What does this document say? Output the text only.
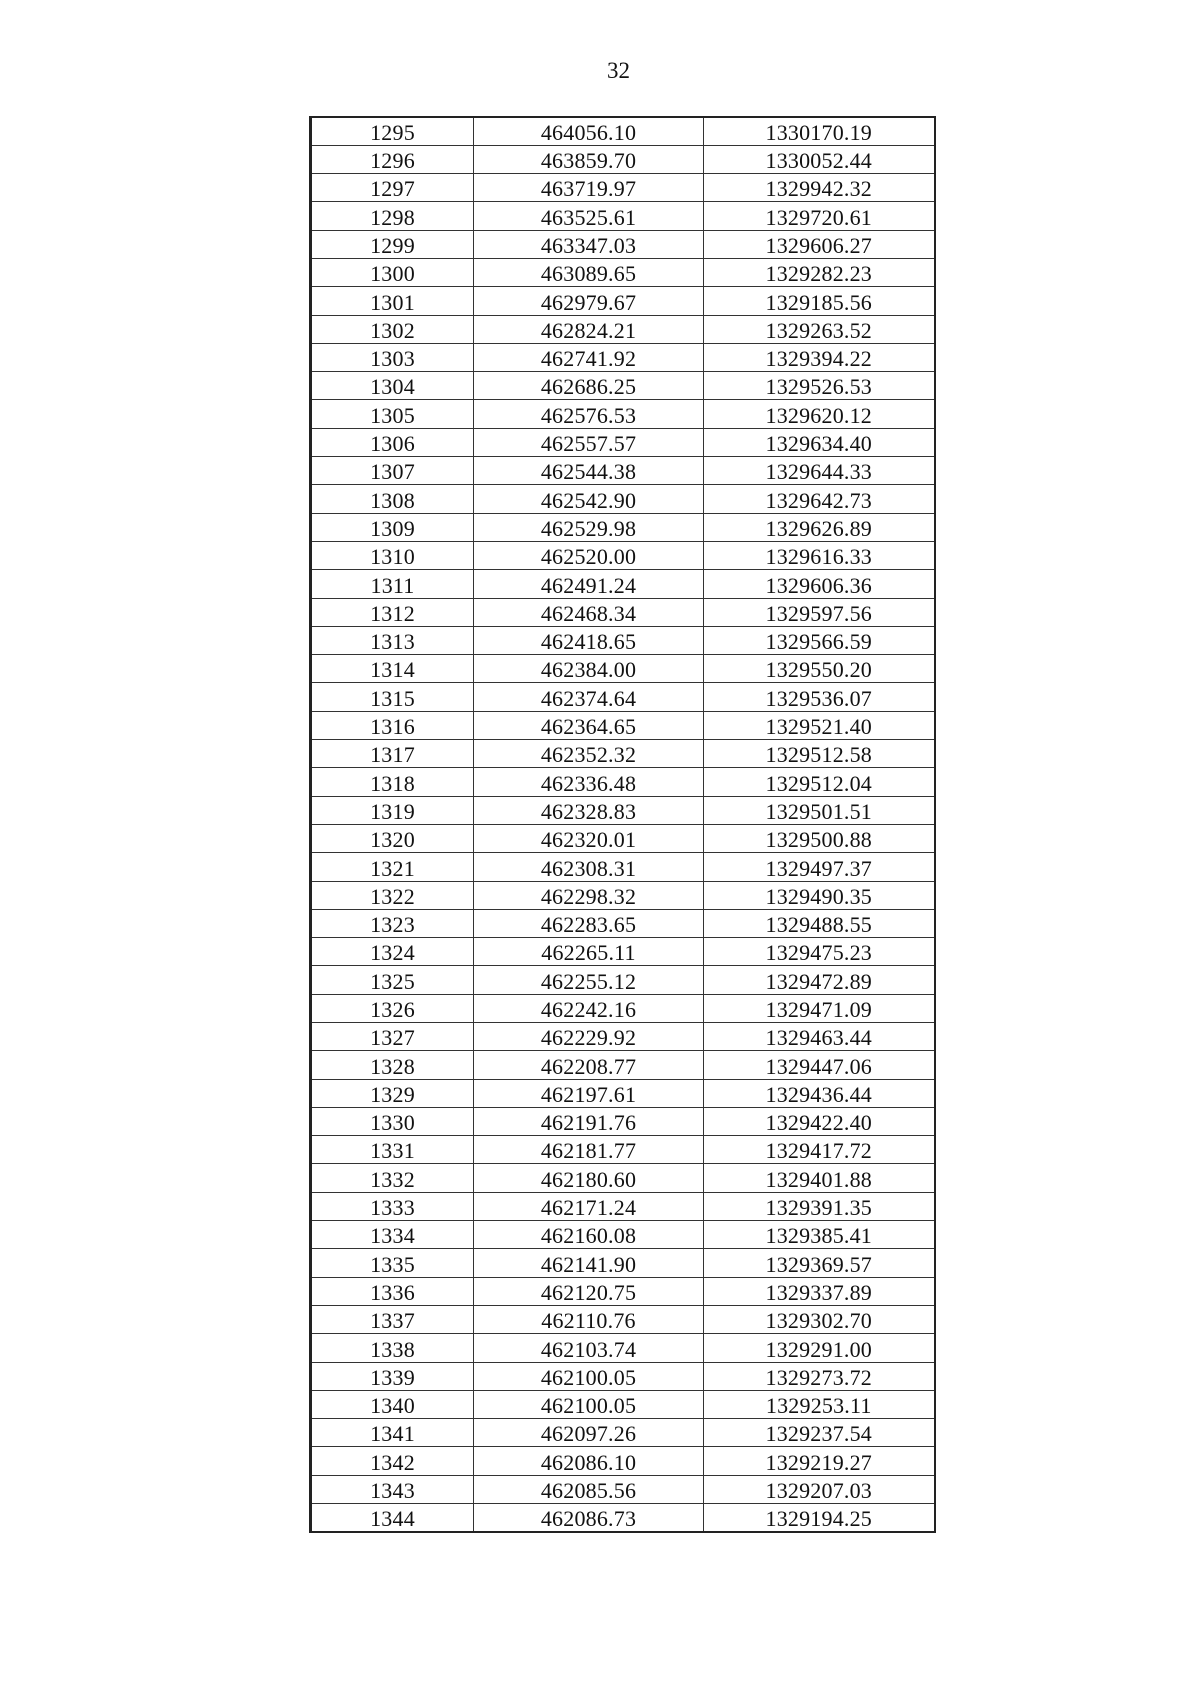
32
1295	464056.10	1330170.19
1296	463859.70	1330052.44
1297	463719.97	1329942.32
1298	463525.61	1329720.61
1299	463347.03	1329606.27
1300	463089.65	1329282.23
1301	462979.67	1329185.56
1302	462824.21	1329263.52
1303	462741.92	1329394.22
1304	462686.25	1329526.53
1305	462576.53	1329620.12
1306	462557.57	1329634.40
1307	462544.38	1329644.33
1308	462542.90	1329642.73
1309	462529.98	1329626.89
1310	462520.00	1329616.33
1311	462491.24	1329606.36
1312	462468.34	1329597.56
1313	462418.65	1329566.59
1314	462384.00	1329550.20
1315	462374.64	1329536.07
1316	462364.65	1329521.40
1317	462352.32	1329512.58
1318	462336.48	1329512.04
1319	462328.83	1329501.51
1320	462320.01	1329500.88
1321	462308.31	1329497.37
1322	462298.32	1329490.35
1323	462283.65	1329488.55
1324	462265.11	1329475.23
1325	462255.12	1329472.89
1326	462242.16	1329471.09
1327	462229.92	1329463.44
1328	462208.77	1329447.06
1329	462197.61	1329436.44
1330	462191.76	1329422.40
1331	462181.77	1329417.72
1332	462180.60	1329401.88
1333	462171.24	1329391.35
1334	462160.08	1329385.41
1335	462141.90	1329369.57
1336	462120.75	1329337.89
1337	462110.76	1329302.70
1338	462103.74	1329291.00
1339	462100.05	1329273.72
1340	462100.05	1329253.11
1341	462097.26	1329237.54
1342	462086.10	1329219.27
1343	462085.56	1329207.03
1344	462086.73	1329194.25
